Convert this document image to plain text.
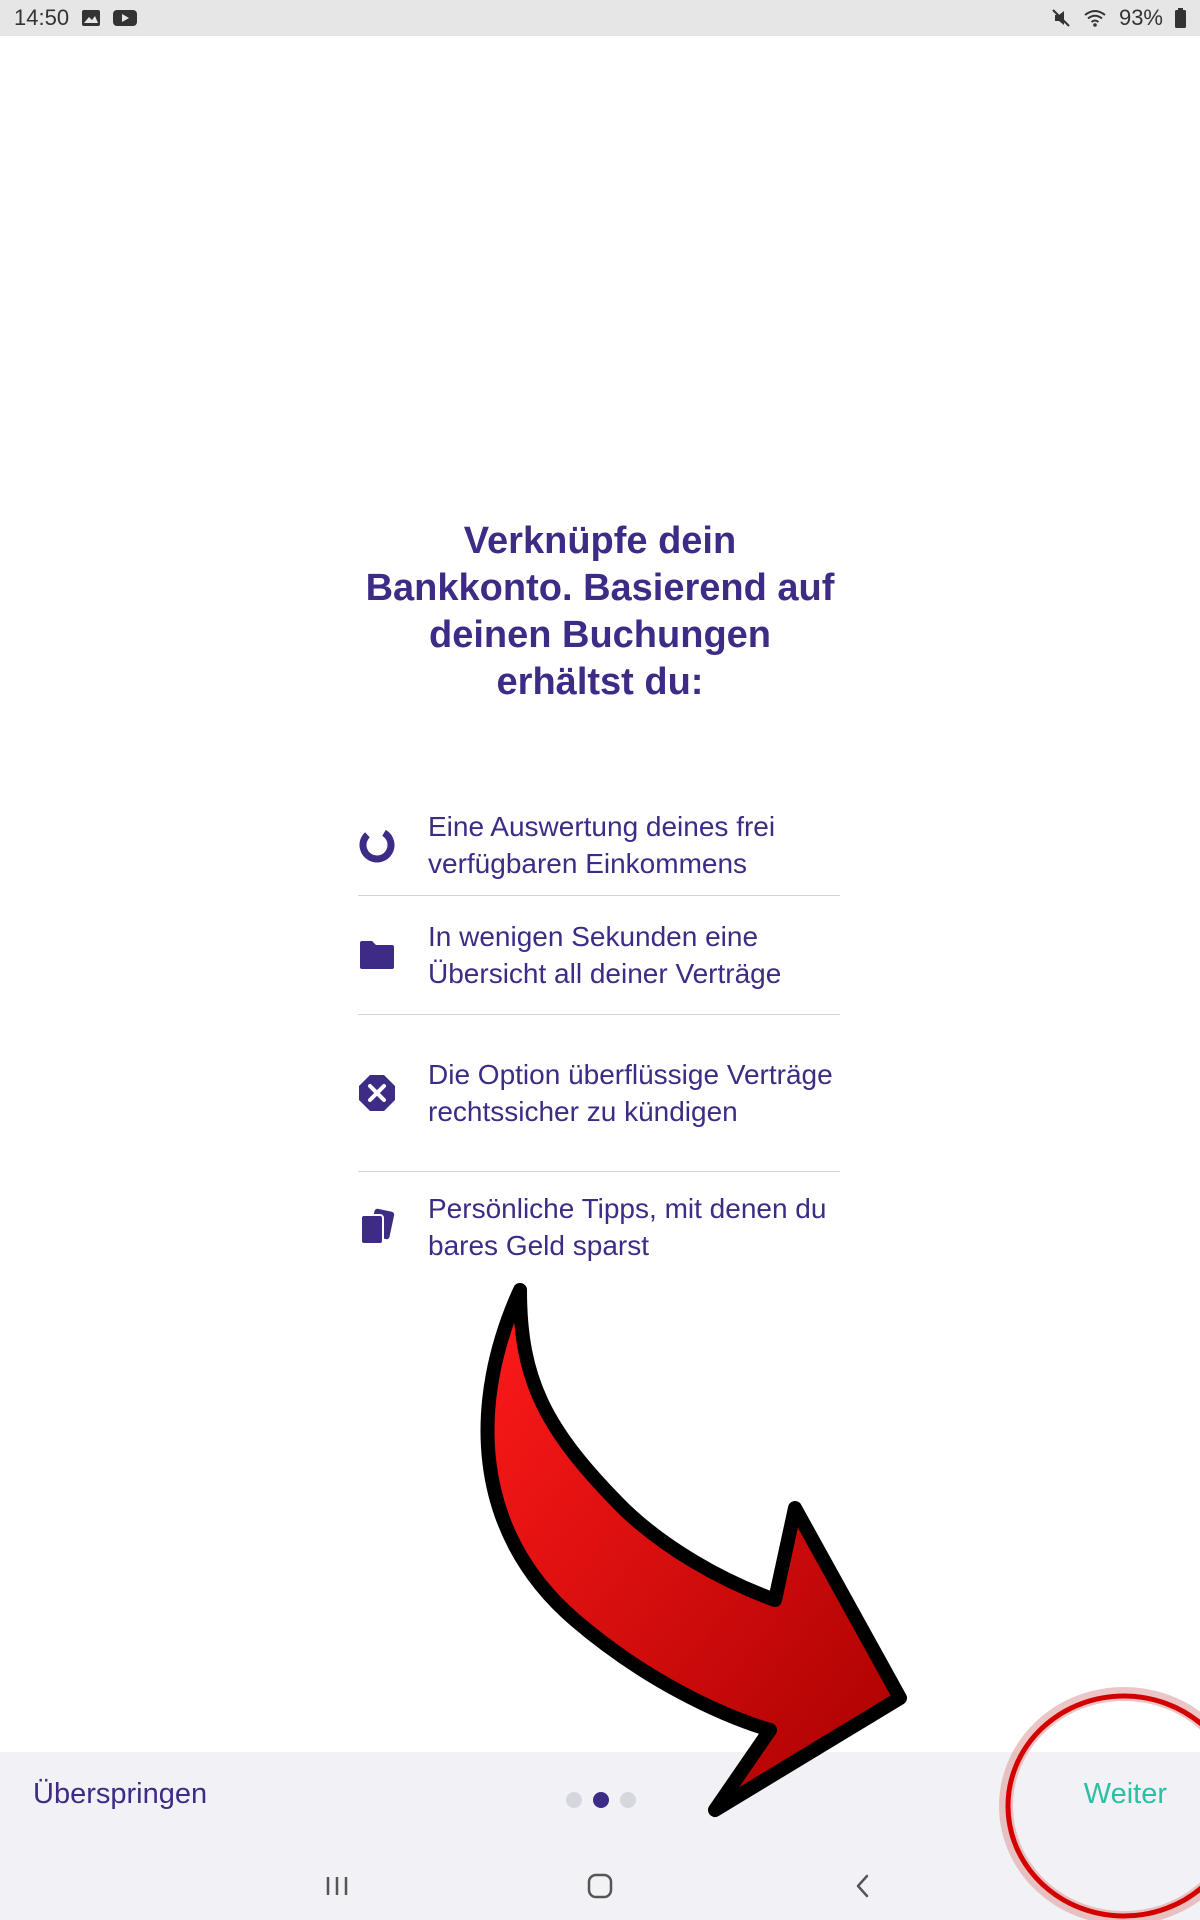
14:50	93%
Verknüpfe dein Bankkonto. Basierend auf deinen Buchungen erhältst du:
Eine Auswertung deines frei verfügbaren Einkommens
In wenigen Sekunden eine Übersicht all deiner Verträge
Die Option überflüssige Verträge rechtssicher zu kündigen
Persönliche Tipps, mit denen du bares Geld sparst
Überspringen	Weiter
